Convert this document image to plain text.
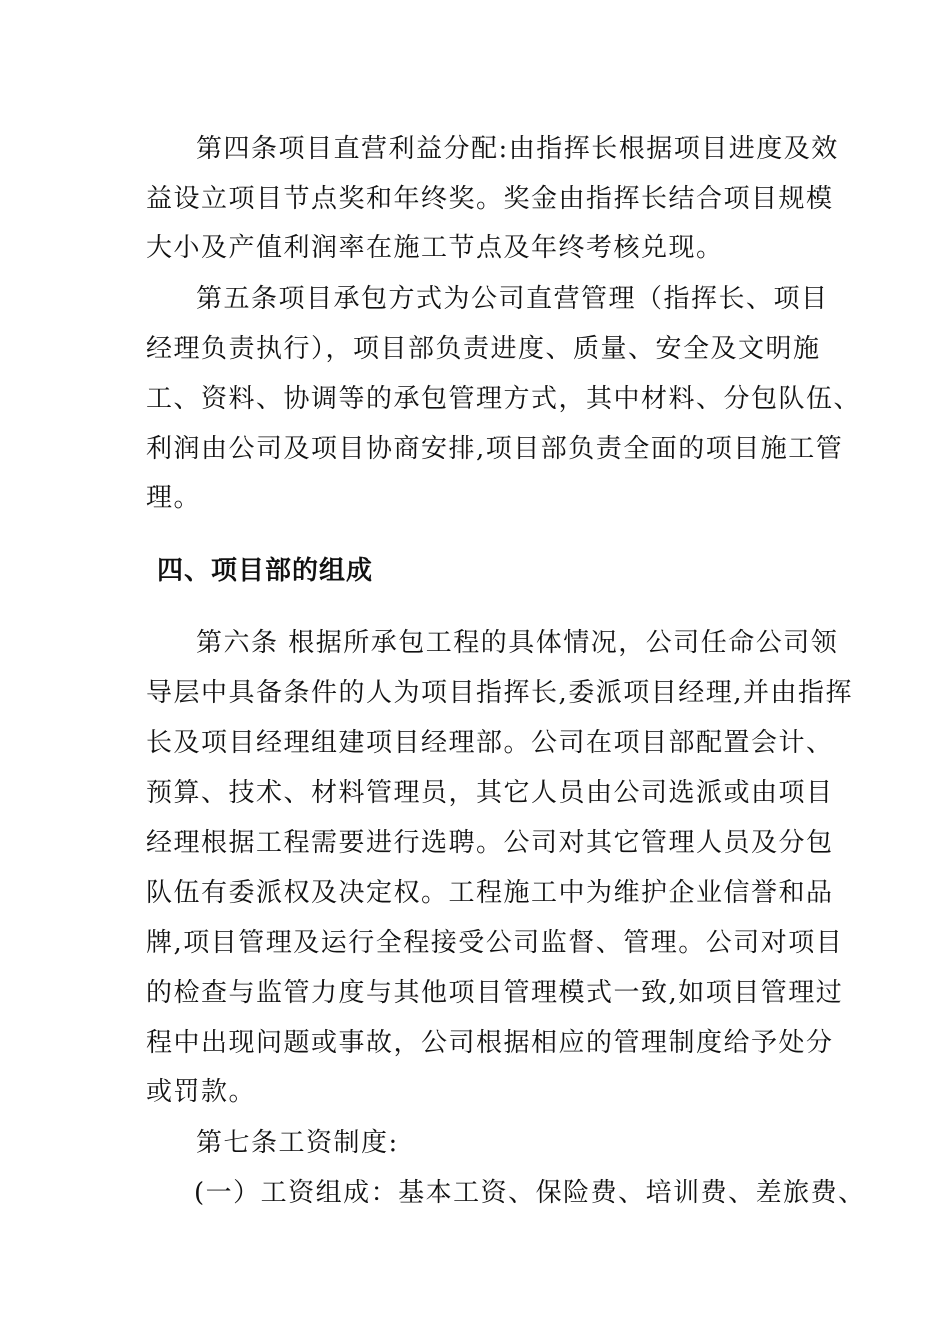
第四条项目直营利益分配:由指挥长根据项目进度及效
益设立项目节点奖和年终奖。奖金由指挥长结合项目规模
大小及产值利润率在施工节点及年终考核兑现。
第五条项目承包方式为公司直营管理（指挥长、项目
经理负责执行），项目部负责进度、质量、安全及文明施
工、资料、协调等的承包管理方式，其中材料、分包队伍、
利润由公司及项目协商安排,项目部负责全面的项目施工管
理。
四、项目部的组成
第六条 根据所承包工程的具体情况，公司任命公司领
导层中具备条件的人为项目指挥长,委派项目经理,并由指挥
长及项目经理组建项目经理部。公司在项目部配置会计、
预算、技术、材料管理员，其它人员由公司选派或由项目
经理根据工程需要进行选聘。公司对其它管理人员及分包
队伍有委派权及决定权。工程施工中为维护企业信誉和品
牌,项目管理及运行全程接受公司监督、管理。公司对项目
的检查与监管力度与其他项目管理模式一致,如项目管理过
程中出现问题或事故，公司根据相应的管理制度给予处分
或罚款。
第七条工资制度:
(一）工资组成：基本工资、保险费、培训费、差旅费、
